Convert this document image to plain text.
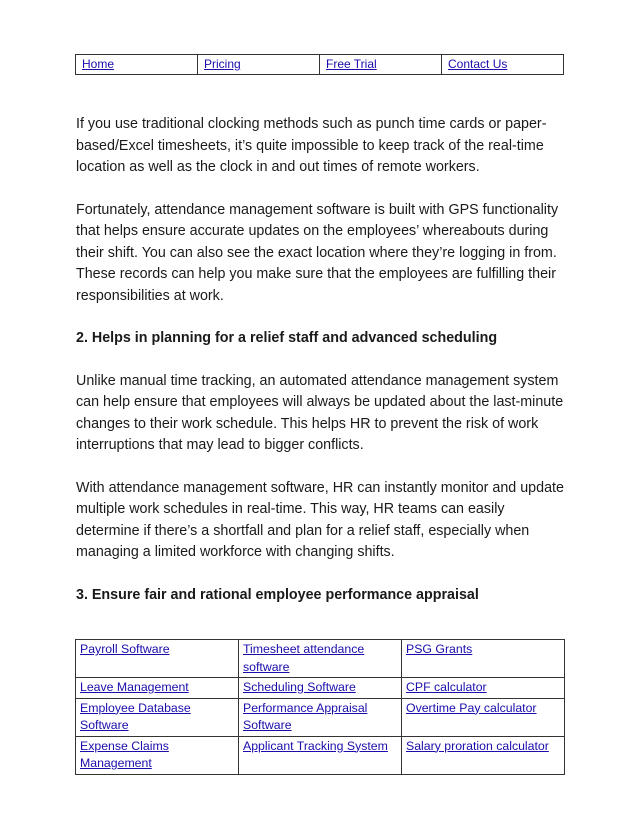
Home	Pricing	Free Trial	Contact Us

If you use traditional clocking methods such as punch time cards or paper-based/Excel timesheets, it’s quite impossible to keep track of the real-time location as well as the clock in and out times of remote workers.

Fortunately, attendance management software is built with GPS functionality that helps ensure accurate updates on the employees’ whereabouts during their shift. You can also see the exact location where they’re logging in from. These records can help you make sure that the employees are fulfilling their responsibilities at work.

2. Helps in planning for a relief staff and advanced scheduling

Unlike manual time tracking, an automated attendance management system can help ensure that employees will always be updated about the last-minute changes to their work schedule. This helps HR to prevent the risk of work interruptions that may lead to bigger conflicts.

With attendance management software, HR can instantly monitor and update multiple work schedules in real-time. This way, HR teams can easily determine if there’s a shortfall and plan for a relief staff, especially when managing a limited workforce with changing shifts.

3. Ensure fair and rational employee performance appraisal
Payroll Software	Timesheet attendance software	PSG Grants
Leave Management	Scheduling Software	CPF calculator
Employee Database Software	Performance Appraisal Software	Overtime Pay calculator
Expense Claims Management	Applicant Tracking System	Salary proration calculator
